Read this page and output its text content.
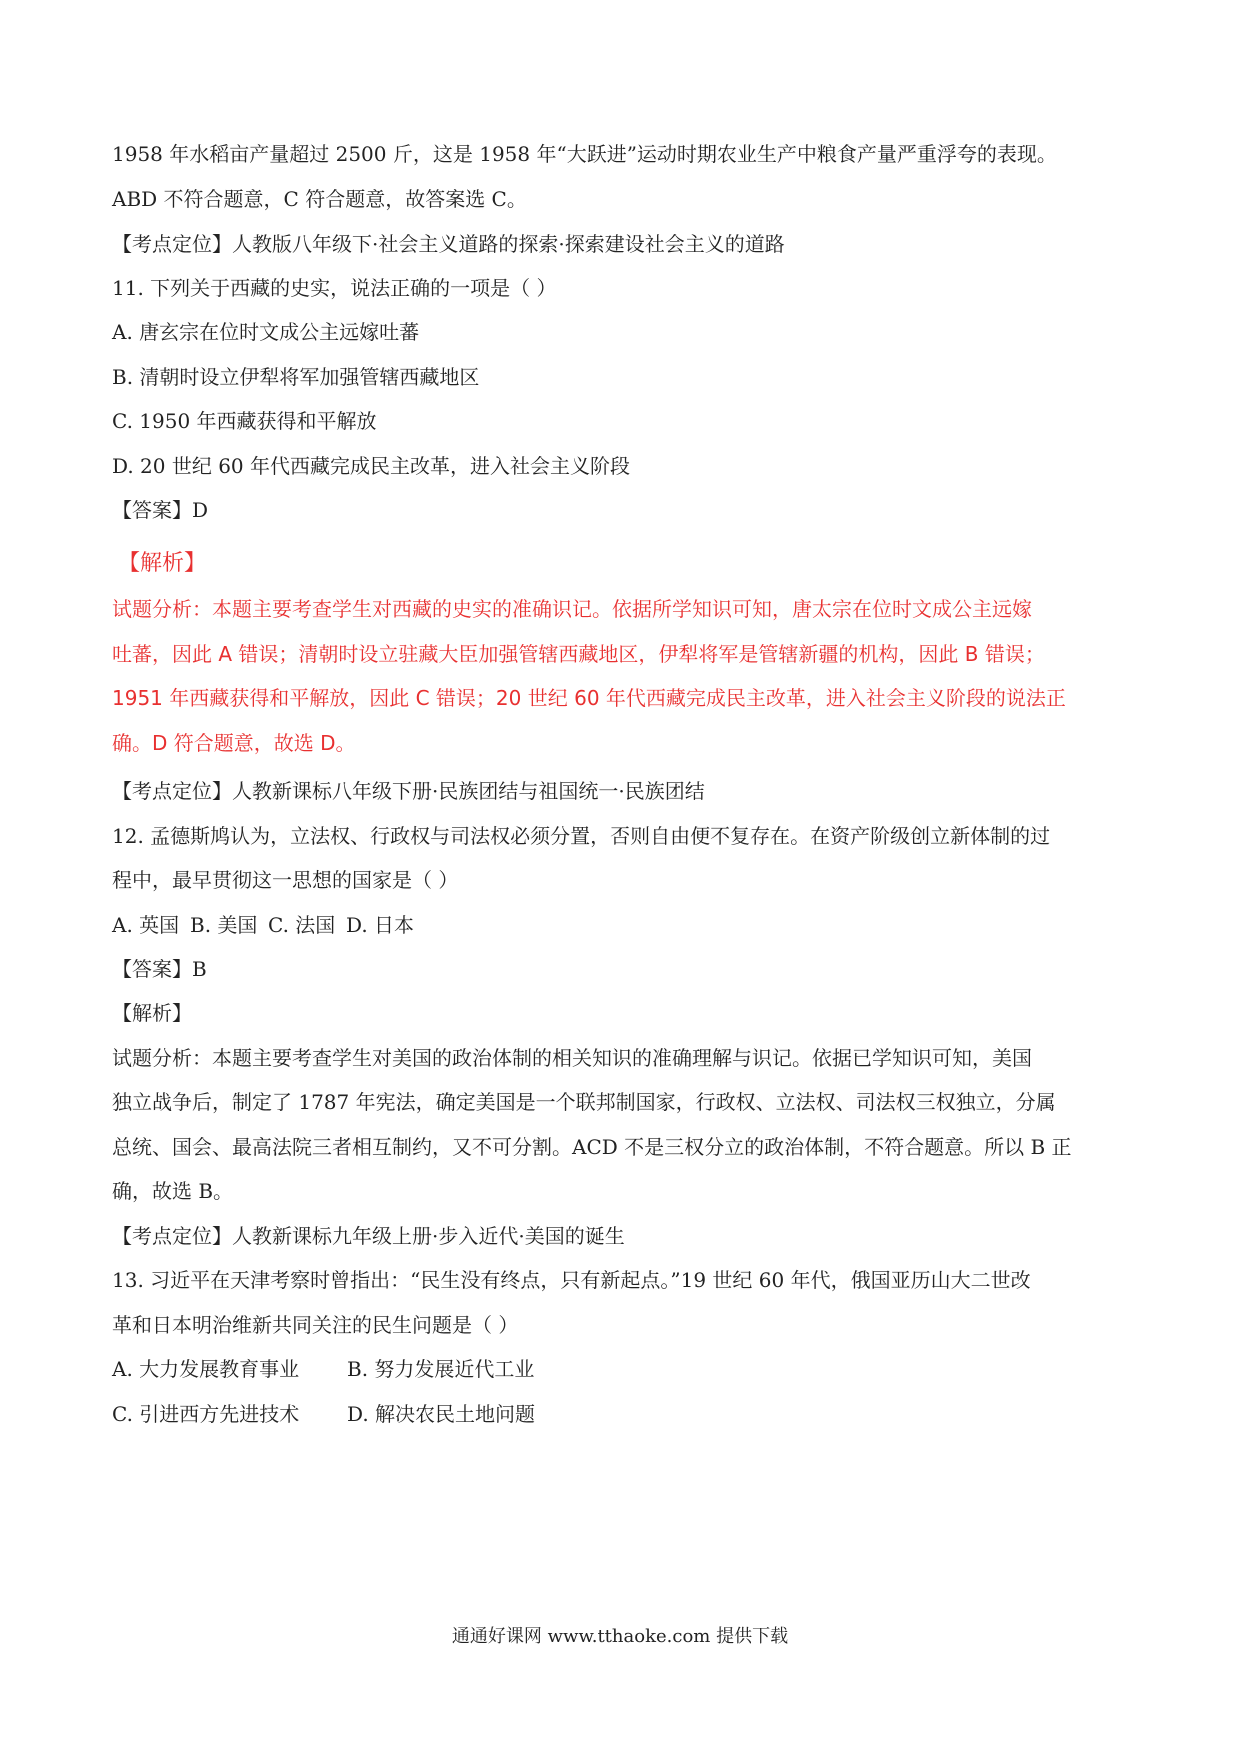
1958 年水稻亩产量超过 2500 斤，这是 1958 年“大跃进”运动时期农业生产中粮食产量严重浮夸的表现。
ABD 不符合题意，C 符合题意，故答案选 C。
【考点定位】人教版八年级下·社会主义道路的探索·探索建设社会主义的道路
11. 下列关于西藏的史实，说法正确的一项是（ ）
A. 唐玄宗在位时文成公主远嫁吐蕃
B. 清朝时设立伊犁将军加强管辖西藏地区
C. 1950 年西藏获得和平解放
D. 20 世纪 60 年代西藏完成民主改革，进入社会主义阶段
【答案】D
【解析】
试题分析：本题主要考查学生对西藏的史实的准确识记。依据所学知识可知，唐太宗在位时文成公主远嫁
吐蕃，因此 A 错误；清朝时设立驻藏大臣加强管辖西藏地区，伊犁将军是管辖新疆的机构，因此 B 错误；
1951 年西藏获得和平解放，因此 C 错误；20 世纪 60 年代西藏完成民主改革，进入社会主义阶段的说法正
确。D 符合题意，故选 D。
【考点定位】人教新课标八年级下册·民族团结与祖国统一·民族团结
12. 孟德斯鸠认为，立法权、行政权与司法权必须分置，否则自由便不复存在。在资产阶级创立新体制的过
程中，最早贯彻这一思想的国家是（ ）
A. 英国 B. 美国 C. 法国 D. 日本
【答案】B
【解析】
试题分析：本题主要考查学生对美国的政治体制的相关知识的准确理解与识记。依据已学知识可知，美国
独立战争后，制定了 1787 年宪法，确定美国是一个联邦制国家，行政权、立法权、司法权三权独立，分属
总统、国会、最高法院三者相互制约，又不可分割。ACD 不是三权分立的政治体制，不符合题意。所以 B 正
确，故选 B。
【考点定位】人教新课标九年级上册·步入近代·美国的诞生
13. 习近平在天津考察时曾指出：“民生没有终点，只有新起点。”19 世纪 60 年代，俄国亚历山大二世改
革和日本明治维新共同关注的民生问题是（ ）
A. 大力发展教育事业 B. 努力发展近代工业
C. 引进西方先进技术 D. 解决农民土地问题
通通好课网 www.tthaoke.com 提供下载
